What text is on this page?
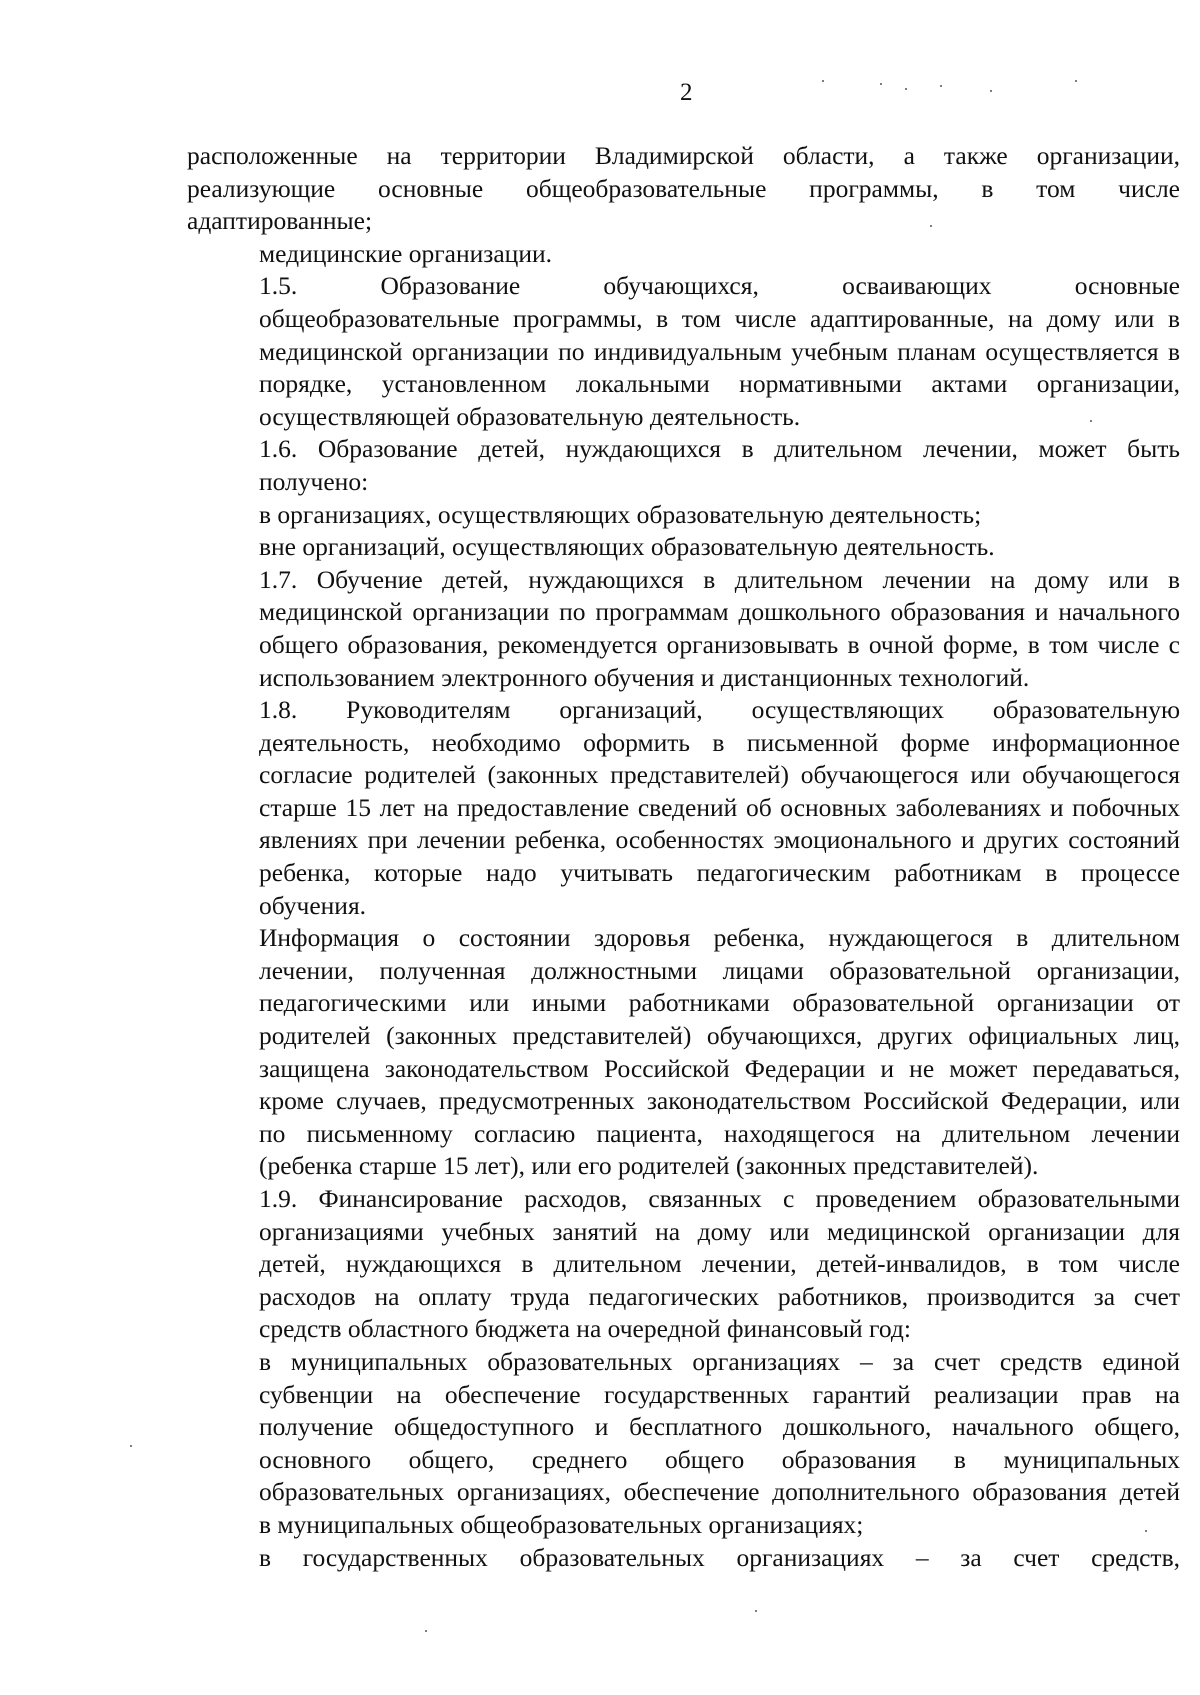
2

расположенные на территории Владимирской области, а также организации,
реализующие основные общеобразовательные программы, в том числе
адаптированные;

медицинские организации.

1.5. Образование обучающихся, осваивающих основные
общеобразовательные программы, в том числе адаптированные, на дому или в
медицинской организации по индивидуальным учебным планам осуществляется в
порядке, установленном локальными нормативными актами организации,
осуществляющей образовательную деятельность.

1.6. Образование детей, нуждающихся в длительном лечении, может быть
получено:

в организациях, осуществляющих образовательную деятельность;

вне организаций, осуществляющих образовательную деятельность.

1.7. Обучение детей, нуждающихся в длительном лечении на дому или в
медицинской организации по программам дошкольного образования и начального
общего образования, рекомендуется организовывать в очной форме, в том числе с
использованием электронного обучения и дистанционных технологий.

1.8. Руководителям организаций, осуществляющих образовательную
деятельность, необходимо оформить в письменной форме информационное
согласие родителей (законных представителей) обучающегося или обучающегося
старше 15 лет на предоставление сведений об основных заболеваниях и побочных
явлениях при лечении ребенка, особенностях эмоционального и других состояний
ребенка, которые надо учитывать педагогическим работникам в процессе
обучения.

Информация о состоянии здоровья ребенка, нуждающегося в длительном
лечении, полученная должностными лицами образовательной организации,
педагогическими или иными работниками образовательной организации от
родителей (законных представителей) обучающихся, других официальных лиц,
защищена законодательством Российской Федерации и не может передаваться,
кроме случаев, предусмотренных законодательством Российской Федерации, или
по письменному согласию пациента, находящегося на длительном лечении
(ребенка старше 15 лет), или его родителей (законных представителей).

1.9. Финансирование расходов, связанных с проведением образовательными
организациями учебных занятий на дому или медицинской организации для
детей, нуждающихся в длительном лечении, детей-инвалидов, в том числе
расходов на оплату труда педагогических работников, производится за счет
средств областного бюджета на очередной финансовый год:

в муниципальных образовательных организациях – за счет средств единой
субвенции на обеспечение государственных гарантий реализации прав на
получение общедоступного и бесплатного дошкольного, начального общего,
основного общего, среднего общего образования в муниципальных
образовательных организациях, обеспечение дополнительного образования детей
в муниципальных общеобразовательных организациях;

в государственных образовательных организациях – за счет средств,
